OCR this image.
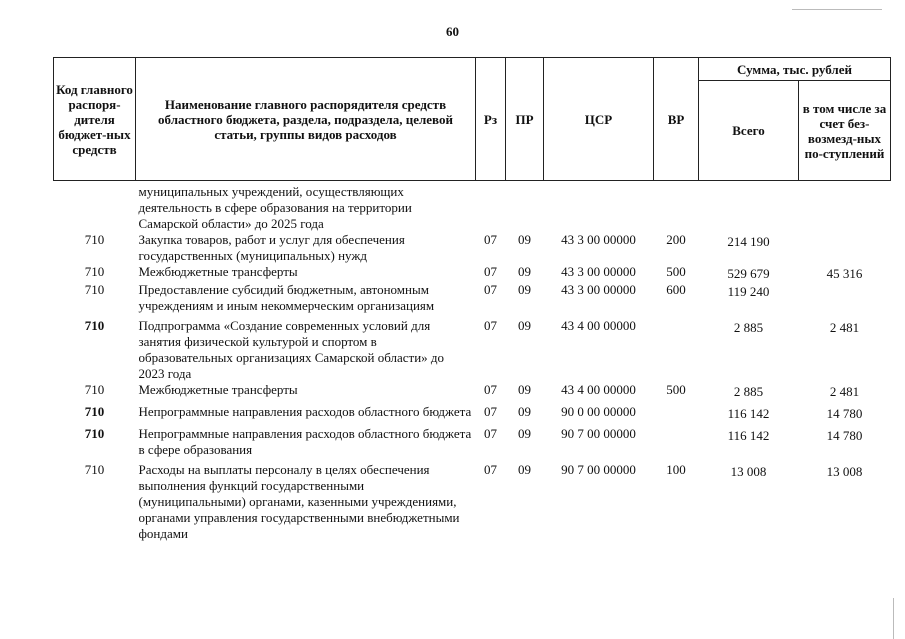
60
Код главного распоря-дителя бюджет-ных средств	Наименование главного распорядителя средств областного бюджета, раздела, подраздела, целевой статьи, группы видов расходов	Рз	ПР	ЦСР	ВР	Сумма, тыс. рублей	
						Всего	в том числе за счет без-возмезд-ных по-ступлений
	муниципальных учреждений, осуществляющих деятельность в сфере образования на территории Самарской области» до 2025 года						
710	Закупка товаров, работ и услуг для обеспечения государственных (муниципальных) нужд	07	09	43 3 00 00000	200	214 190	
710	Межбюджетные трансферты	07	09	43 3 00 00000	500	529 679	45 316
710	Предоставление субсидий бюджетным, автономным учреждениям и иным некоммерческим организациям	07	09	43 3 00 00000	600	119 240	
710	Подпрограмма «Создание современных условий для занятия физической культурой и спортом в образовательных организациях Самарской области» до 2023 года	07	09	43 4 00 00000		2 885	2 481
710	Межбюджетные трансферты	07	09	43 4 00 00000	500	2 885	2 481
710	Непрограммные направления расходов областного бюджета	07	09	90 0 00 00000		116 142	14 780
710	Непрограммные направления расходов областного бюджета в сфере образования	07	09	90 7 00 00000		116 142	14 780
710	Расходы на выплаты персоналу в целях обеспечения выполнения функций государственными (муниципальными) органами, казенными учреждениями, органами управления государственными внебюджетными фондами	07	09	90 7 00 00000	100	13 008	13 008
